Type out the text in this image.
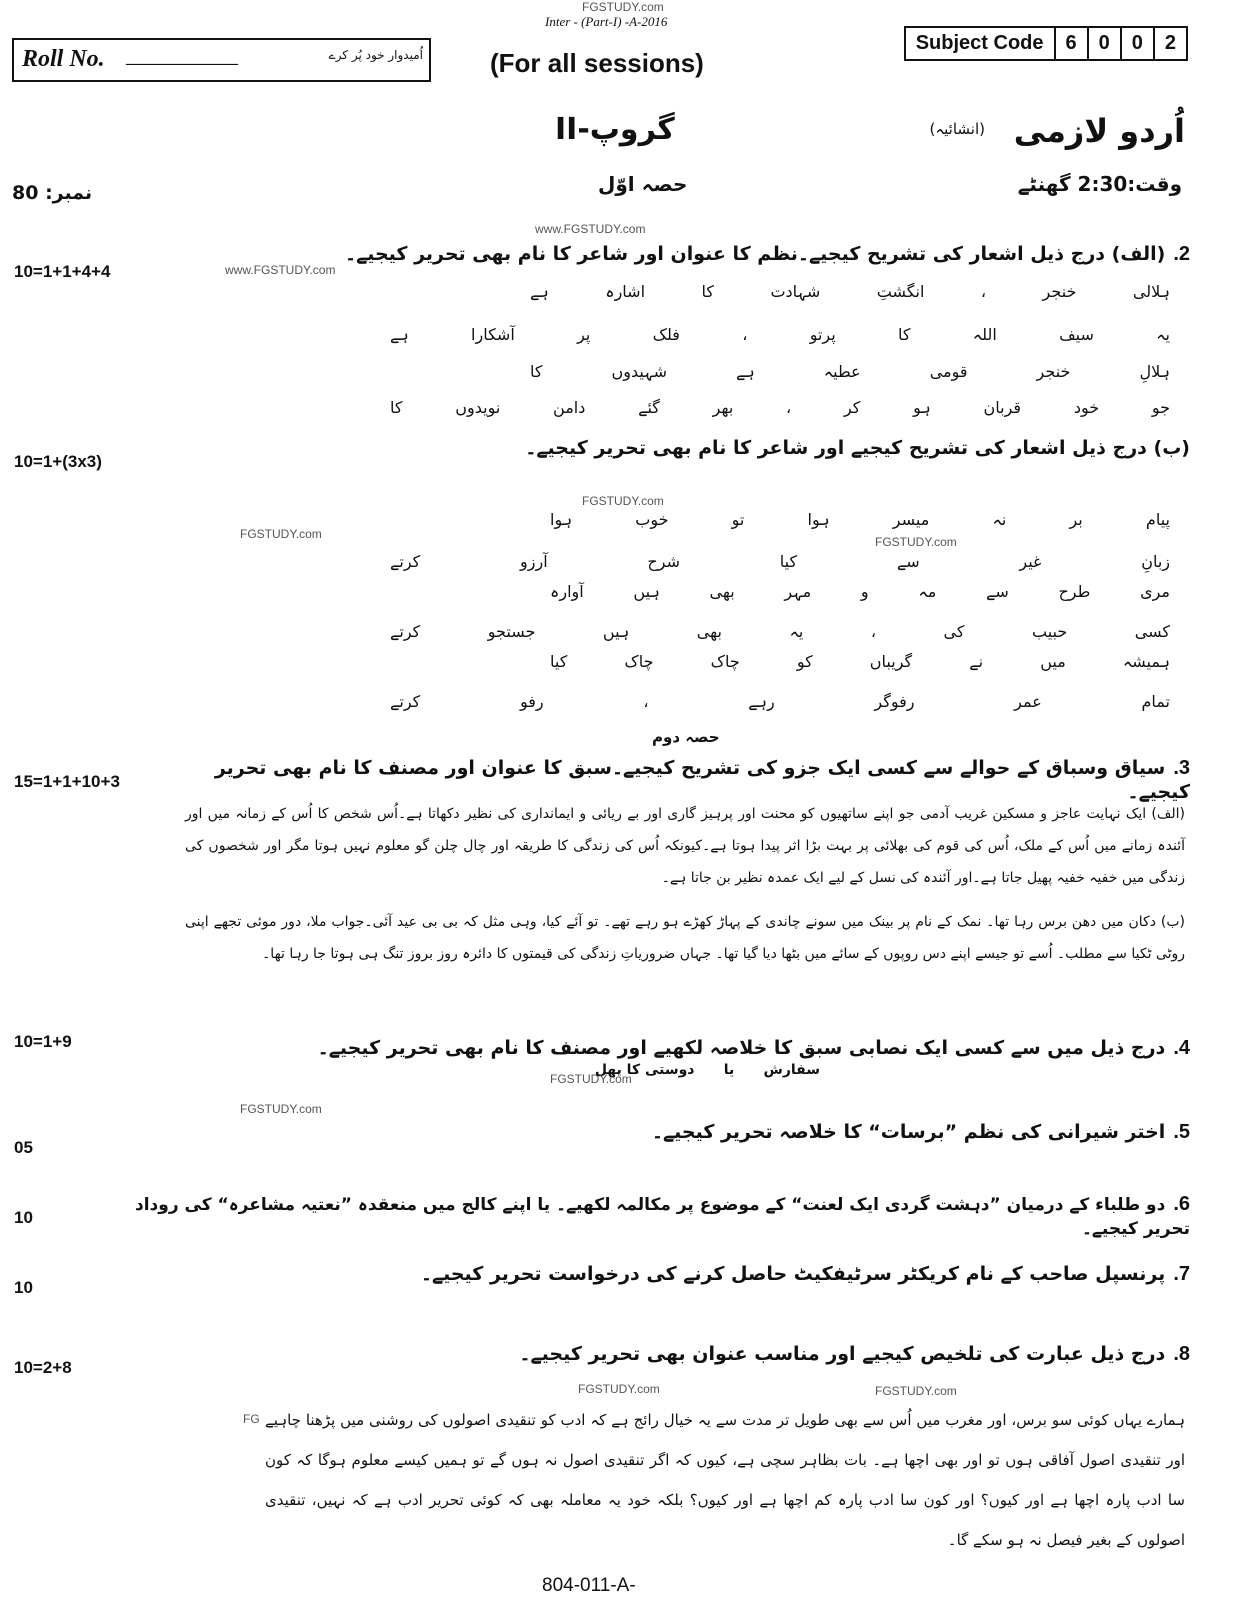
FGSTUDY.com
Inter - (Part-I) -A-2016
Roll No. ______________	اُمیدوار خود پُر کرے	(For all sessions)
Subject Code	6	0	0	2
اُردو لازمی
(انشائیہ)
گروپ-II
حصہ اوّل	وقت:2:30 گھنٹے
نمبر: 80
www.FGSTUDY.com
www.FGSTUDY.com
10=1+1+4+4
2.(الف) درج ذیل اشعار کی تشریح کیجیے۔نظم کا عنوان اور شاعر کا نام بھی تحریر کیجیے۔
ہلالی خنجر ، انگشتِ شہادت کا اشارہ ہے
یہ سیف اللہ کا پرتو ، فلک پر آشکارا ہے
ہلالِ خنجر قومی عطیہ ہے شہیدوں کا
جو خود قربان ہو کر ، بھر گئے دامن نویدوں کا
10=1+(3x3)
(ب) درج ذیل اشعار کی تشریح کیجیے اور شاعر کا نام بھی تحریر کیجیے۔
FGSTUDY.com
FGSTUDY.com
FGSTUDY.com
پیام بر نہ میسر ہوا تو خوب ہوا
زبانِ غیر سے کیا شرح آرزو کرتے
مری طرح سے مہ و مہر بھی ہیں آوارہ
کسی حبیب کی ، یہ بھی ہیں جستجو کرتے
ہمیشہ میں نے گریباں کو چاک چاک کیا
تمام عمر رفوگر رہے ، رفو کرتے
حصہ دوم
15=1+1+10+3
3.سیاق وسباق کے حوالے سے کسی ایک جزو کی تشریح کیجیے۔سبق کا عنوان اور مصنف کا نام بھی تحریر کیجیے۔
(الف) ایک نہایت عاجز و مسکین غریب آدمی جو اپنے ساتھیوں کو محنت اور پرہیز گاری اور بے ریائی و ایمانداری کی نظیر دکھاتا ہے۔اُس شخص کا اُس کے زمانہ میں اور آئندہ زمانے میں اُس کے ملک، اُس کی قوم کی بھلائی پر بہت بڑا اثر پیدا ہوتا ہے۔کیونکہ اُس کی زندگی کا طریقہ اور چال چلن گو معلوم نہیں ہوتا مگر اور شخصوں کی زندگی میں خفیہ خفیہ پھیل جاتا ہے۔اور آئندہ کی نسل کے لیے ایک عمدہ نظیر بن جاتا ہے۔
(ب) دکان میں دھن برس رہا تھا۔ نمک کے نام پر بینک میں سونے چاندی کے پہاڑ کھڑے ہو رہے تھے۔ تو آئے کیا، وہی مثل کہ بی بی عید آئی۔جواب ملا، دور موئی تجھے اپنی روٹی ٹکیا سے مطلب۔ اُسے تو جیسے اپنے دس روپوں کے سائے میں بٹھا دیا گیا تھا۔ جہاں ضروریاتِ زندگی کی قیمتوں کا دائرہ روز بروز تنگ ہی ہوتا جا رہا تھا۔
10=1+9	4.درج ذیل میں سے کسی ایک نصابی سبق کا خلاصہ لکھیے اور مصنف کا نام بھی تحریر کیجیے۔
سفارش      یا      دوستی کا پھل
FGSTUDY.com
FGSTUDY.com
05
5.اختر شیرانی کی نظم ”برسات“ کا خلاصہ تحریر کیجیے۔
10
6.دو طلباء کے درمیان ”دہشت گردی ایک لعنت“ کے موضوع پر مکالمہ لکھیے۔ یا اپنے کالج میں منعقدہ ”نعتیہ مشاعرہ“ کی روداد تحریر کیجیے۔
10
7.پرنسپل صاحب کے نام کریکٹر سرٹیفکیٹ حاصل کرنے کی درخواست تحریر کیجیے۔
10=2+8
8.درج ذیل عبارت کی تلخیص کیجیے اور مناسب عنوان بھی تحریر کیجیے۔
FGSTUDY.com	FGSTUDY.com
FG ہمارے یہاں کوئی سو برس، اور مغرب میں اُس سے بھی طویل تر مدت سے یہ خیال رائج ہے کہ ادب کو تنقیدی اصولوں کی روشنی میں پڑھنا چاہیے اور تنقیدی اصول آفاقی ہوں تو اور بھی اچھا ہے۔ بات بظاہر سچی ہے، کیوں کہ اگر تنقیدی اصول نہ ہوں گے تو ہمیں کیسے معلوم ہوگا کہ کون سا ادب پارہ اچھا ہے اور کیوں؟ اور کون سا ادب پارہ کم اچھا ہے اور کیوں؟ بلکہ خود یہ معاملہ بھی کہ کوئی تحریر ادب ہے کہ نہیں، تنقیدی اصولوں کے بغیر فیصل نہ ہو سکے گا۔
804-011-A-
